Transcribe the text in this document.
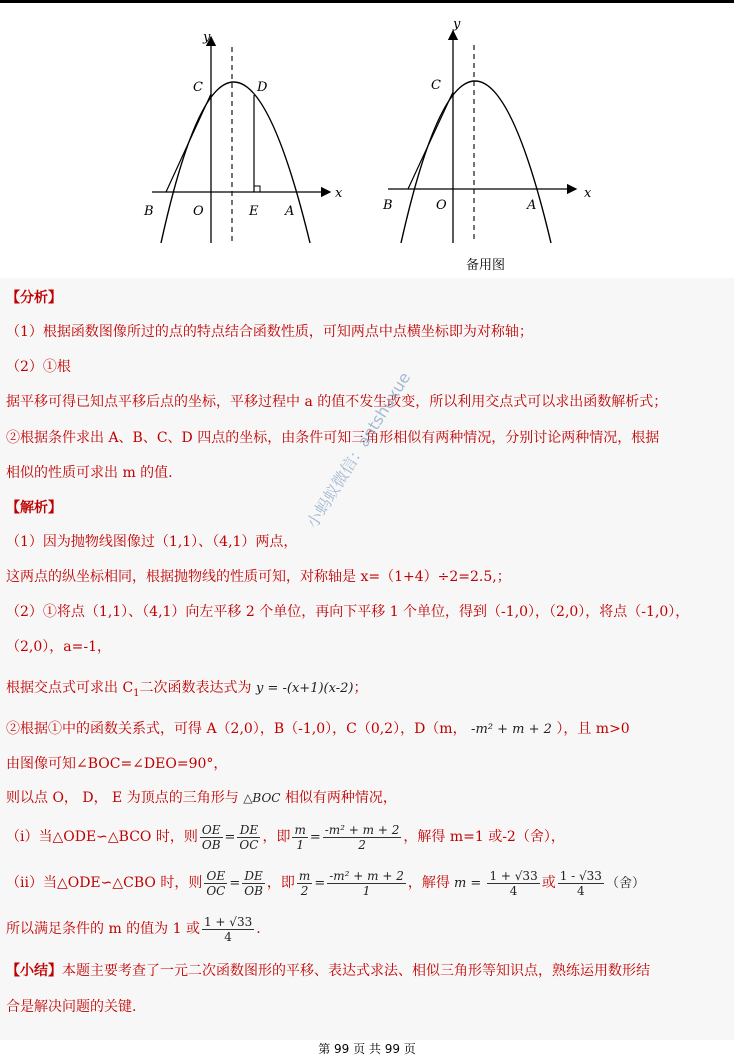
y
x
C	D
B	O	E A
y
x
C
B	O	A
备用图
【分析】
（1）根据函数图像所过的点的特点结合函数性质，可知两点中点横坐标即为对称轴；
（2）①根
据平移可得已知点平移后点的坐标，平移过程中 a 的值不发生改变，所以利用交点式可以求出函数解析式；
②根据条件求出 A、B、C、D 四点的坐标，由条件可知三角形相似有两种情况，分别讨论两种情况，根据
相似的性质可求出 m 的值.
【解析】
（1）因为抛物线图像过（1,1）、（4,1）两点，
这两点的纵坐标相同，根据抛物线的性质可知，对称轴是 x=（1+4）÷2=2.5,；
（2）①将点（1,1）、（4,1）向左平移 2 个单位，再向下平移 1 个单位，得到（-1,0），（2,0），将点（-1,0），
（2,0），a=-1，
根据交点式可求出 $C_1$二次函数表达式为 y = -(x+1)(x-2)；
②根据①中的函数关系式，可得 A（2,0），B（-1,0），C（0,2），D（m， -m² + m + 2 ），且 m>0
由图像可知∠BOC=∠DEO=90°，
则以点 O， D， E 为顶点的三角形与 △BOC 相似有两种情况，
（i）当△ODE∽△BCO 时，则 $\frac{OE}{OB} = \frac{DE}{OC}$ ，即 $\frac{m}{1} = \frac{\text{-m² + m + 2}}{2}$ ，解得 m=1 或-2（舍），
（ii）当△ODE∽△CBO 时，则 $\frac{OE}{OC} = \frac{DE}{OB}$ ，即 $\frac{m}{2} = \frac{\text{-m² + m + 2}}{1}$ ，解得 $m = \frac{1 + √33}{4}$ 或 $\frac{1 - √33}{4}$ （舍）
所以满足条件的 m 的值为 1 或 $\frac{1 + √33}{4}$ .
【小结】本题主要考查了一元二次函数图形的平移、表达式求法、相似三角形等知识点，熟练运用数形结
合是解决问题的关键.
小蚂蚁微信：antshuxue
第 99 页 共 99 页
